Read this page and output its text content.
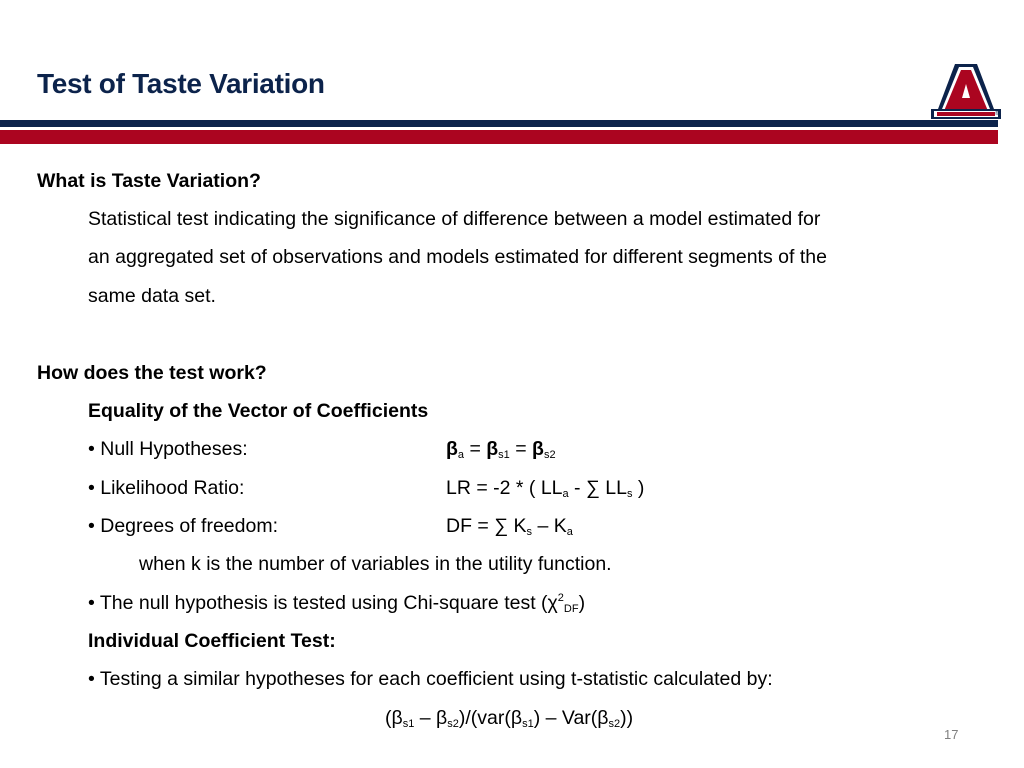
Test of Taste Variation
®
What is Taste Variation?
Statistical test indicating the significance of difference between a model estimated for
an aggregated set of observations and models estimated for different segments of the
same data set.
How does the test work?
Equality of the Vector of Coefficients
• Null Hypotheses:	$\beta_a = \beta_{s1} = \beta_{s2}$
• Likelihood Ratio:	LR = -2 * ( $LL_a$ - ∑ $LL_s$ )
• Degrees of freedom:	DF = ∑ $K_s - K_a$
when k is the number of variables in the utility function.
• The null hypothesis is tested using Chi-square test $(\chi^2_{DF})$
Individual Coefficient Test:
• Testing a similar hypotheses for each coefficient using t-statistic calculated by:
$(\beta_{s1} - \beta_{s2})/(var(\beta_{s1}) - Var(\beta_{s2}))$
17
